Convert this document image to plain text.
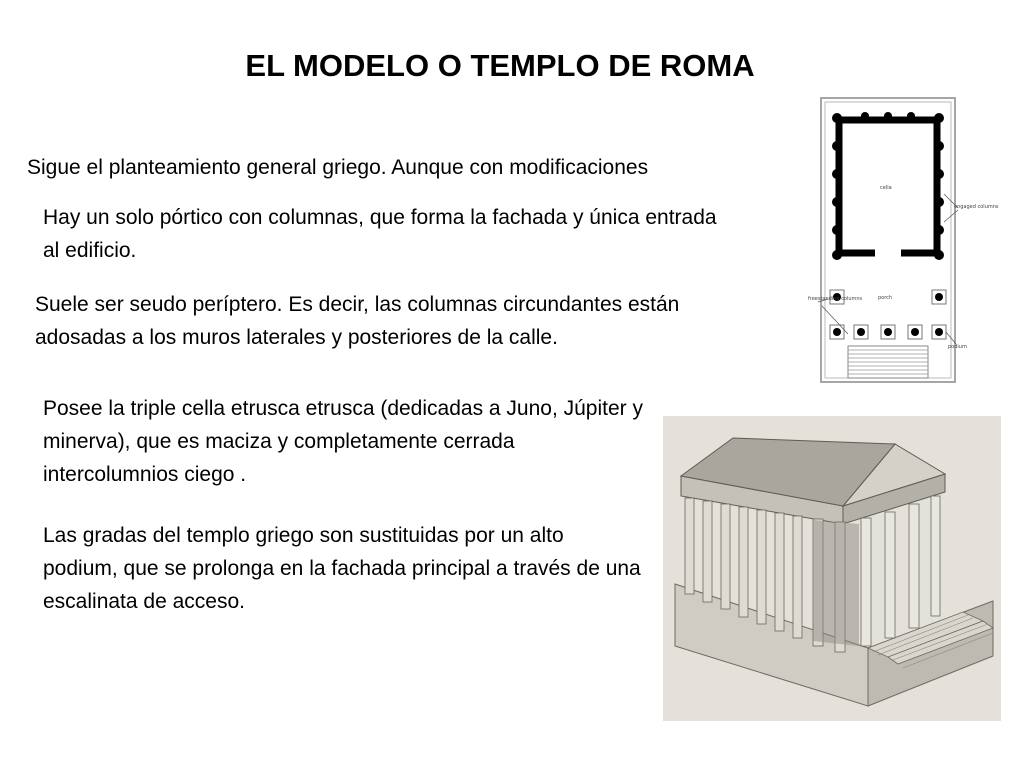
EL MODELO O TEMPLO DE ROMA

Sigue el planteamiento general griego. Aunque con modificaciones

Hay un solo pórtico con columnas, que forma la fachada y única entrada al edificio.

Suele ser seudo períptero. Es decir, las columnas circundantes están adosadas a los muros laterales y posteriores de la calle.

Posee la triple cella etrusca etrusca (dedicadas a Juno, Júpiter y minerva), que es maciza y completamente cerrada intercolumnios ciego .

Las gradas del templo griego son sustituidas por un alto podium, que se prolonga en la fachada principal a través de una escalinata de acceso.

cella
engaged columns
porch
freestanding columns
podium
